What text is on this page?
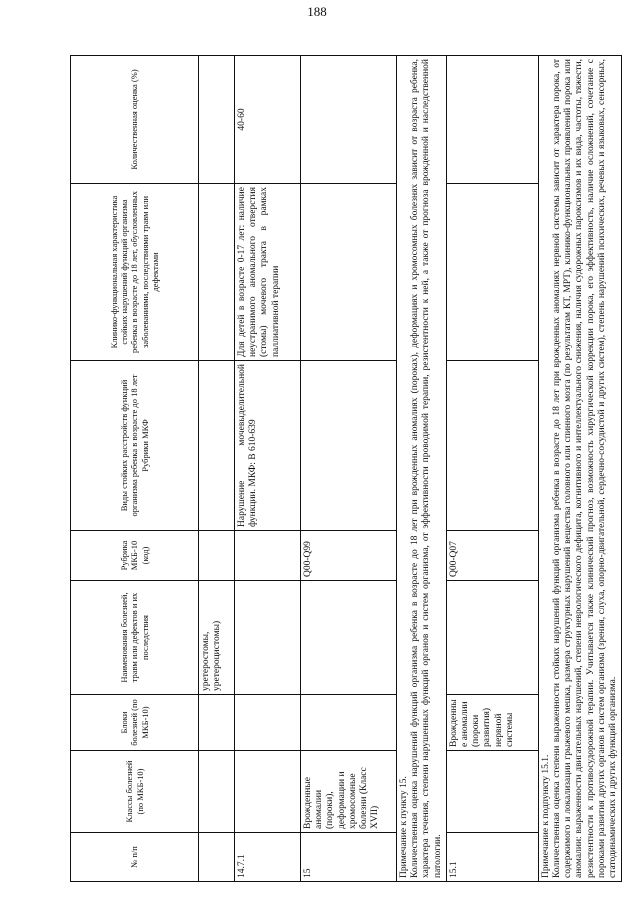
188
№ п/п	Классы болезней (по МКБ-10)	Блоки болезней (по МКБ-10)	Наименования болезней, травм или дефектов и их последствия	Рубрика МКБ-10 (код)	Виды стойких расстройств функций организма ребенка в возрасте до 18 лет Рубрики МКФ	Клинико-функциональная характеристика стойких нарушений функций организма ребенка в возрасте до 18 лет, обусловленных заболеваниями, последствиями травм или дефектами	Количественная оценка (%)
			уретеростомы, уретероцистомы)				
14.7.1					Нарушение мочевыделительной функции. МКФ: В 610-639	Для детей в возрасте 0-17 лет: наличие неустранимого аномального отверстия (стомы) мочевого тракта в рамках паллиативной терапии	40-60
15	Врожденные аномалии (пороки), деформации и хромосомные болезни (Класс XVII)			Q00-Q99			

Примечание к пункту 15. Количественная оценка нарушений функций организма ребенка в возрасте до 18 лет при врожденных аномалиях (пороках), деформациях и хромосомных болезнях зависит от возраста ребенка, характера течения, степени нарушенных функций органов и систем организма, от эффективности проводимой терапии, резистентности к ней, а также от прогноза врожденной и наследственной патологии.							

15.1		Врожденные аномалии (пороки развития) нервной системы		Q00-Q07			

Примечание к подпункту 15.1. Количественная оценка степени выраженности стойких нарушений функций организма ребенка в возрасте до 18 лет при врожденных аномалиях нервной системы зависит от характера порока, от содержимого и локализации грыжевого мешка, размера структурных нарушений вещества головного или спинного мозга (по результатам КТ, МРТ), клинико-функциональных проявлений порока или аномалии: выраженности двигательных нарушений, степени неврологического дефицита, когнитивного и интеллектуального снижения, наличия судорожных пароксизмов и их вида, частоты, тяжести, резистентности к противосудорожной терапии. Учитывается также клинический прогноз, возможность хирургической коррекции порока, его эффективность, наличие осложнений, сочетание с пороками развития других органов и систем организма (зрения, слуха, опорно-двигательной, сердечно-сосудистой и других систем), степень нарушений психических, речевых и языковых, сенсорных, статодинамических и других функций организма.							
